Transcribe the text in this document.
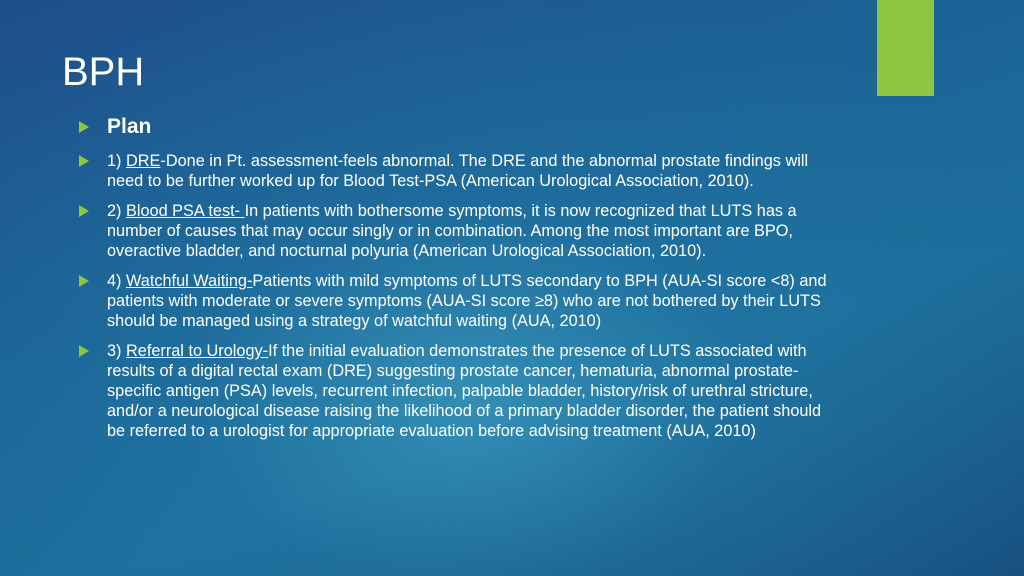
BPH
Plan
1) DRE-Done in Pt. assessment-feels abnormal. The DRE and the abnormal prostate findings will need to be further worked up for Blood Test-PSA (American Urological Association, 2010).
2) Blood PSA test- In patients with bothersome symptoms, it is now recognized that LUTS has a number of causes that may occur singly or in combination. Among the most important are BPO, overactive bladder, and nocturnal polyuria (American Urological Association, 2010).
4) Watchful Waiting-Patients with mild symptoms of LUTS secondary to BPH (AUA-SI score <8) and patients with moderate or severe symptoms (AUA-SI score ≥8) who are not bothered by their LUTS should be managed using a strategy of watchful waiting (AUA, 2010)
3) Referral to Urology-If the initial evaluation demonstrates the presence of LUTS associated with results of a digital rectal exam (DRE) suggesting prostate cancer, hematuria, abnormal prostate-specific antigen (PSA) levels, recurrent infection, palpable bladder, history/risk of urethral stricture, and/or a neurological disease raising the likelihood of a primary bladder disorder, the patient should be referred to a urologist for appropriate evaluation before advising treatment (AUA, 2010)
